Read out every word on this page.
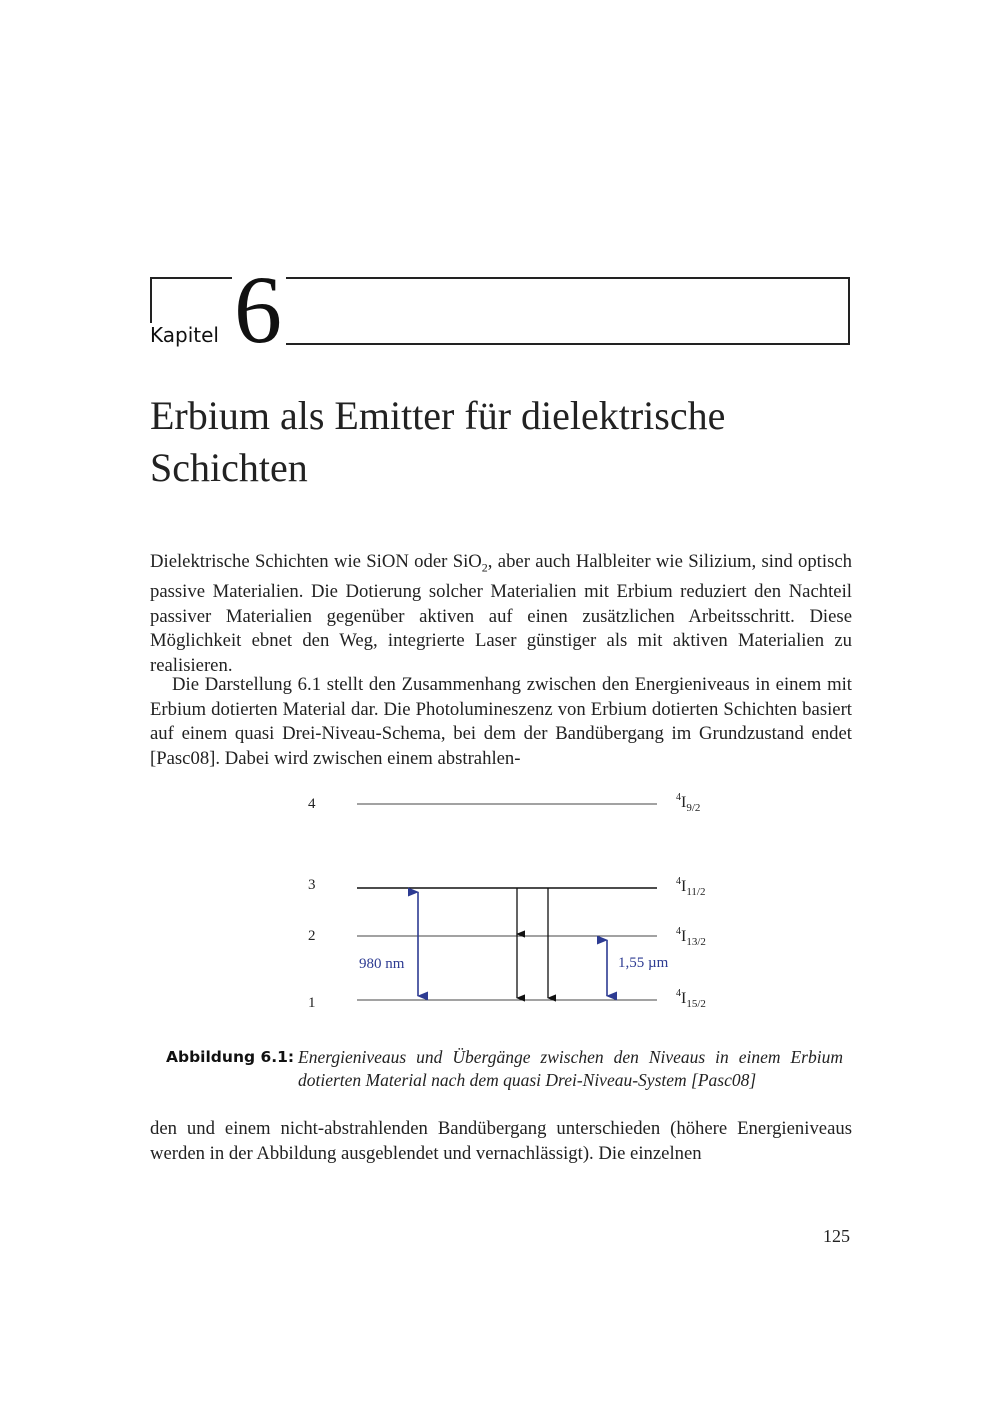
Kapitel 6
Erbium als Emitter für dielektrische
Schichten

Dielektrische Schichten wie SiON oder SiO$_2$, aber auch Halbleiter wie Silizium, sind optisch passive Materialien. Die Dotierung solcher Materialien mit Erbium reduziert den Nachteil passiver Materialien gegenüber aktiven auf einen zusätzlichen Arbeitsschritt. Diese Möglichkeit ebnet den Weg, integrierte Laser günstiger als mit aktiven Materialien zu realisieren.

Die Darstellung 6.1 stellt den Zusammenhang zwischen den Energieniveaus in einem mit Erbium dotierten Material dar. Die Photolumineszenz von Erbium dotierten Schichten basiert auf einem quasi Drei-Niveau-Schema, bei dem der Bandübergang im Grundzustand endet [Pasc08]. Dabei wird zwischen einem abstrahlen-

4
3
2
1
$^4I_{9/2}$
$^4I_{11/2}$
$^4I_{13/2}$
$^4I_{15/2}$
980 nm	1,55 µm
Abbildung 6.1: Energieniveaus und Übergänge zwischen den Niveaus in einem Erbium dotierten Material nach dem quasi Drei-Niveau-System [Pasc08]

den und einem nicht-abstrahlenden Bandübergang unterschieden (höhere Energieniveaus werden in der Abbildung ausgeblendet und vernachlässigt). Die einzelnen

125
